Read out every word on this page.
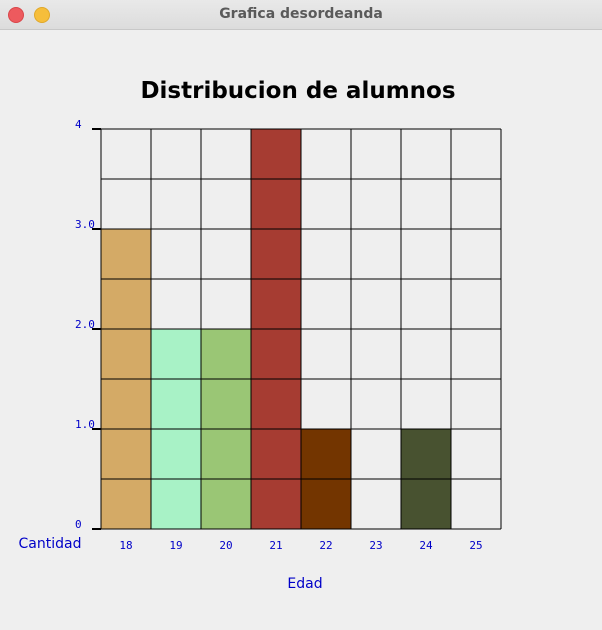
Grafica desordeanda
Distribucion de alumnos
0
1.0
2.0
3.0
4
18	19	20	21	22	23	24	25
Cantidad
Edad
